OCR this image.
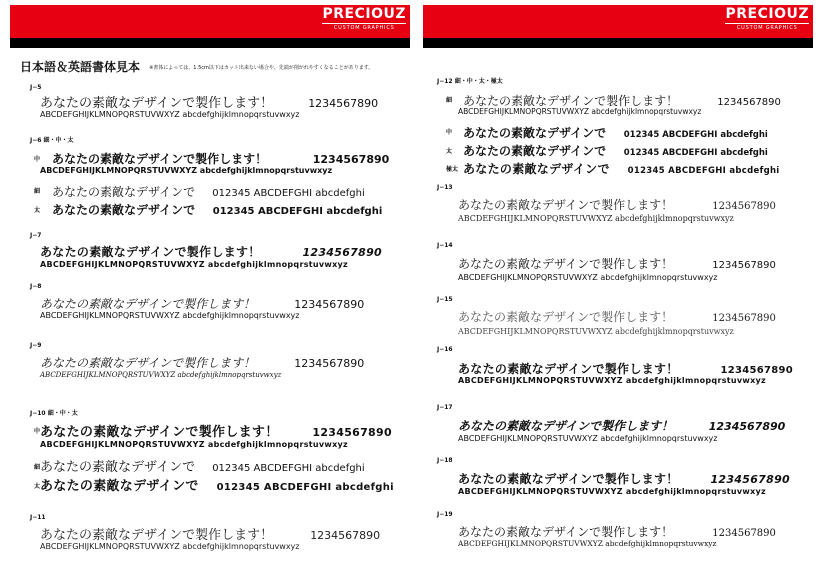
PRECIOUZ
CUSTOM GRAPHICS
日本語＆英語書体見本 ※書体によっては、1.5cm以下はカット出来ない場合や、先端が削がれやすくなることがあります。
J−5
あなたの素敵なデザインで製作します！	1234567890
ABCDEFGHIJKLMNOPQRSTUVWXYZ abcdefghijklmnopqrstuvwxyz
J−6 細・中・太
中 あなたの素敵なデザインで製作します！	1234567890
ABCDEFGHIJKLMNOPQRSTUVWXYZ abcdefghijklmnopqrstuvwxyz
細 あなたの素敵なデザインで 012345 ABCDEFGHI abcdefghi
太 あなたの素敵なデザインで 012345 ABCDEFGHI abcdefghi
J−7
あなたの素敵なデザインで製作します！	1234567890
ABCDEFGHIJKLMNOPQRSTUVWXYZ abcdefghijklmnopqrstuvwxyz
J−8
あなたの素敵なデザインで製作します！	1234567890
ABCDEFGHIJKLMNOPQRSTUVWXYZ abcdefghijklmnopqrstuvwxyz
J−9
あなたの素敵なデザインで製作します！	1234567890
ABCDEFGHIJKLMNOPQRSTUVWXYZ abcdefghijklmnopqrstuvwxyz
J−10 細・中・太
中 あなたの素敵なデザインで製作します！	1234567890
ABCDEFGHIJKLMNOPQRSTUVWXYZ abcdefghijklmnopqrstuvwxyz
細 あなたの素敵なデザインで 012345 ABCDEFGHI abcdefghi
太 あなたの素敵なデザインで 012345 ABCDEFGHI abcdefghi
J−11
あなたの素敵なデザインで製作します！	1234567890
ABCDEFGHIJKLMNOPQRSTUVWXYZ abcdefghijklmnopqrstuvwxyz
PRECIOUZ
CUSTOM GRAPHICS
J−12 細・中・太・極太
細 あなたの素敵なデザインで製作します！	1234567890
ABCDEFGHIJKLMNOPQRSTUVWXYZ abcdefghijklmnopqrstuvwxyz
中 あなたの素敵なデザインで 012345 ABCDEFGHI abcdefghi
太 あなたの素敵なデザインで 012345 ABCDEFGHI abcdefghi
極太 あなたの素敵なデザインで 012345 ABCDEFGHI abcdefghi
J−13
あなたの素敵なデザインで製作します！	1234567890
ABCDEFGHIJKLMNOPQRSTUVWXYZ abcdefghijklmnopqrstuvwxyz
J−14
あなたの素敵なデザインで製作します！	1234567890
ABCDEFGHIJKLMNOPQRSTUVWXYZ abcdefghijklmnopqrstuvwxyz
J−15
あなたの素敵なデザインで製作します！	1234567890
ABCDEFGHIJKLMNOPQRSTUVWXYZ abcdefghijklmnopqrstuvwxyz
J−16
あなたの素敵なデザインで製作します！	1234567890
ABCDEFGHIJKLMNOPQRSTUVWXYZ abcdefghijklmnopqrstuvwxyz
J−17
あなたの素敵なデザインで製作します！	1234567890
ABCDEFGHIJKLMNOPQRSTUVWXYZ abcdefghijklmnopqrstuvwxyz
J−18
あなたの素敵なデザインで製作します！	1234567890
ABCDEFGHIJKLMNOPQRSTUVWXYZ abcdefghijklmnopqrstuvwxyz
J−19
あなたの素敵なデザインで製作します！	1234567890
ABCDEFGHIJKLMNOPQRSTUVWXYZ abcdefghijklmnopqrstuvwxyz
